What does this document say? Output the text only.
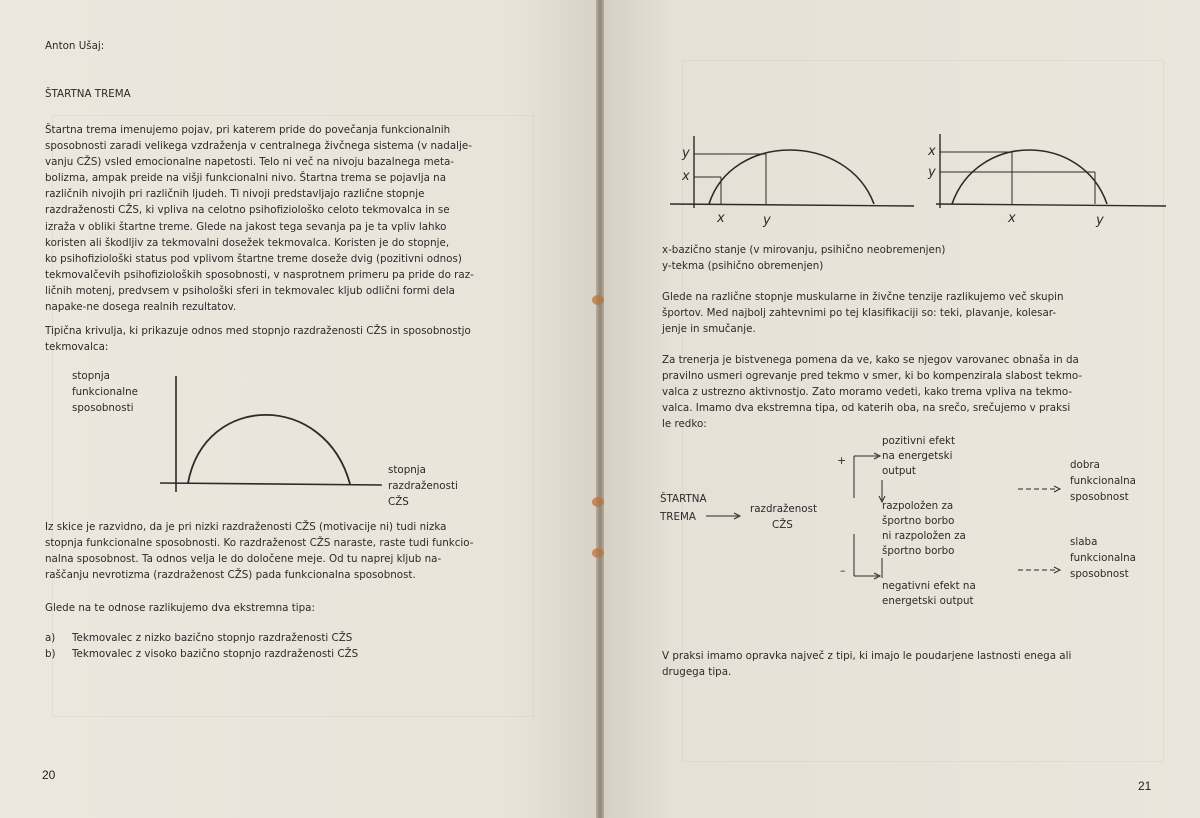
Anton Ušaj:
ŠTARTNA TREMA
Štartna trema imenujemo pojav, pri katerem pride do povečanja funkcionalnih
sposobnosti zaradi velikega vzdraženja v centralnega živčnega sistema (v nadalje-
vanju CŽS) vsled emocionalne napetosti. Telo ni več na nivoju bazalnega meta-
bolizma, ampak preide na višji funkcionalni nivo. Štartna trema se pojavlja na
različnih nivojih pri različnih ljudeh. Ti nivoji predstavljajo različne stopnje
razdraženosti CŽS, ki vpliva na celotno psihofiziološko celoto tekmovalca in se
izraža v obliki štartne treme. Glede na jakost tega sevanja pa je ta vpliv lahko
koristen ali škodljiv za tekmovalni dosežek tekmovalca. Koristen je do stopnje,
ko psihofiziološki status pod vplivom štartne treme doseže dvig (pozitivni odnos)
tekmovalčevih psihofizioloških sposobnosti, v nasprotnem primeru pa pride do raz-
ličnih motenj, predvsem v psihološki sferi in tekmovalec kljub odlični formi dela
napake-ne dosega realnih rezultatov.
Tipična krivulja, ki prikazuje odnos med stopnjo razdraženosti CŽS in sposobnostjo
tekmovalca:
stopnja
funkcionalne
sposobnosti
stopnja
razdraženosti
CŽS
Iz skice je razvidno, da je pri nizki razdraženosti CŽS (motivacije ni) tudi nizka
stopnja funkcionalne sposobnosti. Ko razdraženost CŽS naraste, raste tudi funkcio-
nalna sposobnost. Ta odnos velja le do določene meje. Od tu naprej kljub na-
raščanju nevrotizma (razdraženost CŽS) pada funkcionalna sposobnost.
Glede na te odnose razlikujemo dva ekstremna tipa:
a) Tekmovalec z nizko bazično stopnjo razdraženosti CŽS
b) Tekmovalec z visoko bazično stopnjo razdraženosti CŽS
20
y
x
x	y
x
y
x	y
x-bazično stanje (v mirovanju, psihično neobremenjen)
y-tekma (psihično obremenjen)
Glede na različne stopnje muskularne in živčne tenzije razlikujemo več skupin
športov. Med najbolj zahtevnimi po tej klasifikaciji so: teki, plavanje, kolesar-
jenje in smučanje.
Za trenerja je bistvenega pomena da ve, kako se njegov varovanec obnaša in da
pravilno usmeri ogrevanje pred tekmo v smer, ki bo kompenzirala slabost tekmo-
valca z ustrezno aktivnostjo. Zato moramo vedeti, kako trema vpliva na tekmo-
valca. Imamo dva ekstremna tipa, od katerih oba, na srečo, srečujemo v praksi
le redko:
ŠTARTNA
TREMA
razdraženost
CŽS
+
pozitivni efekt
na energetski
output
razpoložen za
športno borbo
ni razpoložen za
športno borbo
–
negativni efekt na
energetski output
dobra
funkcionalna
sposobnost
slaba
funkcionalna
sposobnost
V praksi imamo opravka največ z tipi, ki imajo le poudarjene lastnosti enega ali
drugega tipa.
21
